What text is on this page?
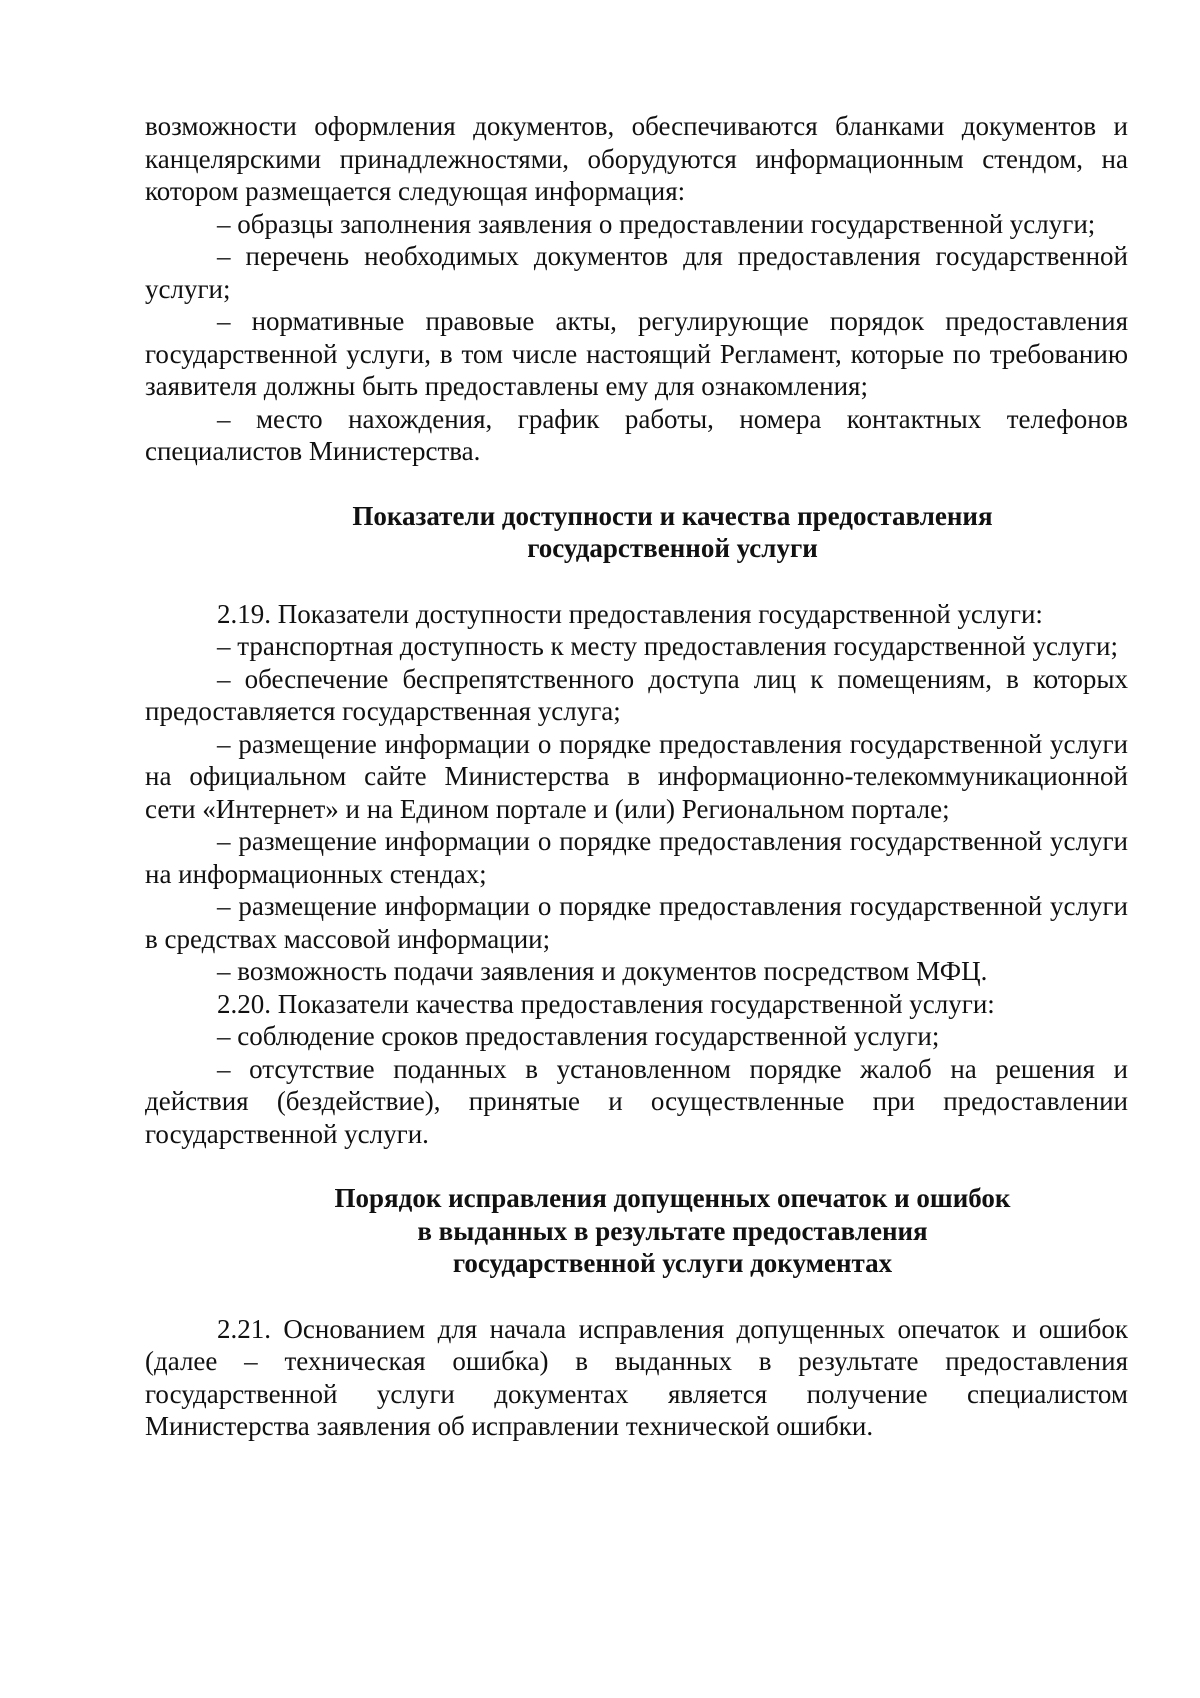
возможности оформления документов, обеспечиваются бланками документов и канцелярскими принадлежностями, оборудуются информационным стендом, на котором размещается следующая информация:

– образцы заполнения заявления о предоставлении государственной услуги;

– перечень необходимых документов для предоставления государственной услуги;

– нормативные правовые акты, регулирующие порядок предоставления государственной услуги, в том числе настоящий Регламент, которые по требованию заявителя должны быть предоставлены ему для ознакомления;

– место нахождения, график работы, номера контактных телефонов специалистов Министерства.

Показатели доступности и качества предоставления
государственной услуги

2.19. Показатели доступности предоставления государственной услуги:

– транспортная доступность к месту предоставления государственной услуги;

– обеспечение беспрепятственного доступа лиц к помещениям, в которых предоставляется государственная услуга;

– размещение информации о порядке предоставления государственной услуги на официальном сайте Министерства в информационно-телекоммуникационной сети «Интернет» и на Едином портале и (или) Региональном портале;

– размещение информации о порядке предоставления государственной услуги на информационных стендах;

– размещение информации о порядке предоставления государственной услуги в средствах массовой информации;

– возможность подачи заявления и документов посредством МФЦ.

2.20. Показатели качества предоставления государственной услуги:

– соблюдение сроков предоставления государственной услуги;

– отсутствие поданных в установленном порядке жалоб на решения и действия (бездействие), принятые и осуществленные при предоставлении государственной услуги.

Порядок исправления допущенных опечаток и ошибок
в выданных в результате предоставления
государственной услуги документах

2.21. Основанием для начала исправления допущенных опечаток и ошибок (далее – техническая ошибка) в выданных в результате предоставления государственной услуги документах является получение специалистом Министерства заявления об исправлении технической ошибки.
